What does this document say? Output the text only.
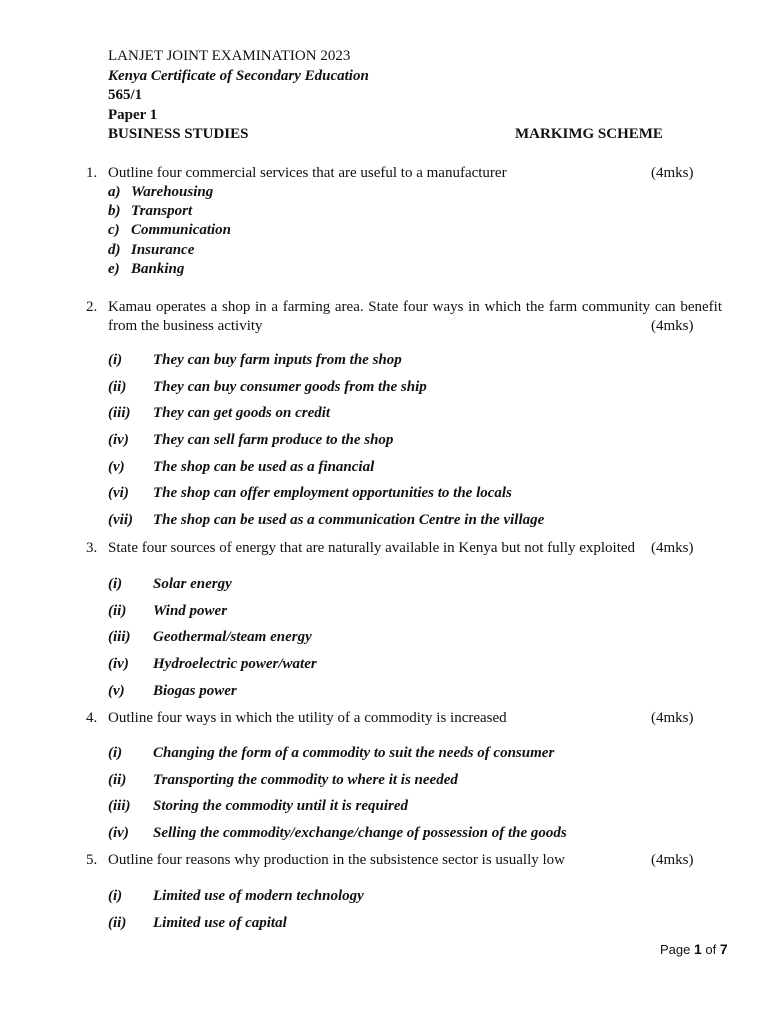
LANJET JOINT EXAMINATION 2023
Kenya Certificate of Secondary Education
565/1
Paper 1
BUSINESS STUDIES	MARKIMG SCHEME
1. Outline four commercial services that are useful to a manufacturer	(4mks)
a) Warehousing
b) Transport
c) Communication
d) Insurance
e) Banking
2. Kamau operates a shop in a farming area. State four ways in which the farm community can benefit
from the business activity	(4mks)
(i) They can buy farm inputs from the shop
(ii) They can buy consumer goods from the ship
(iii) They can get goods on credit
(iv) They can sell farm produce to the shop
(v) The shop can be used as a financial
(vi) The shop can offer employment opportunities to the locals
(vii) The shop can be used as a communication Centre in the village
3. State four sources of energy that are naturally available in Kenya but not fully exploited	(4mks)
(i) Solar energy
(ii) Wind power
(iii) Geothermal/steam energy
(iv) Hydroelectric power/water
(v) Biogas power
4. Outline four ways in which the utility of a commodity is increased	(4mks)
(i) Changing the form of a commodity to suit the needs of consumer
(ii) Transporting the commodity to where it is needed
(iii) Storing the commodity until it is required
(iv) Selling the commodity/exchange/change of possession of the goods
5. Outline four reasons why production in the subsistence sector is usually low	(4mks)
(i) Limited use of modern technology
(ii) Limited use of capital
Page 1 of 7
